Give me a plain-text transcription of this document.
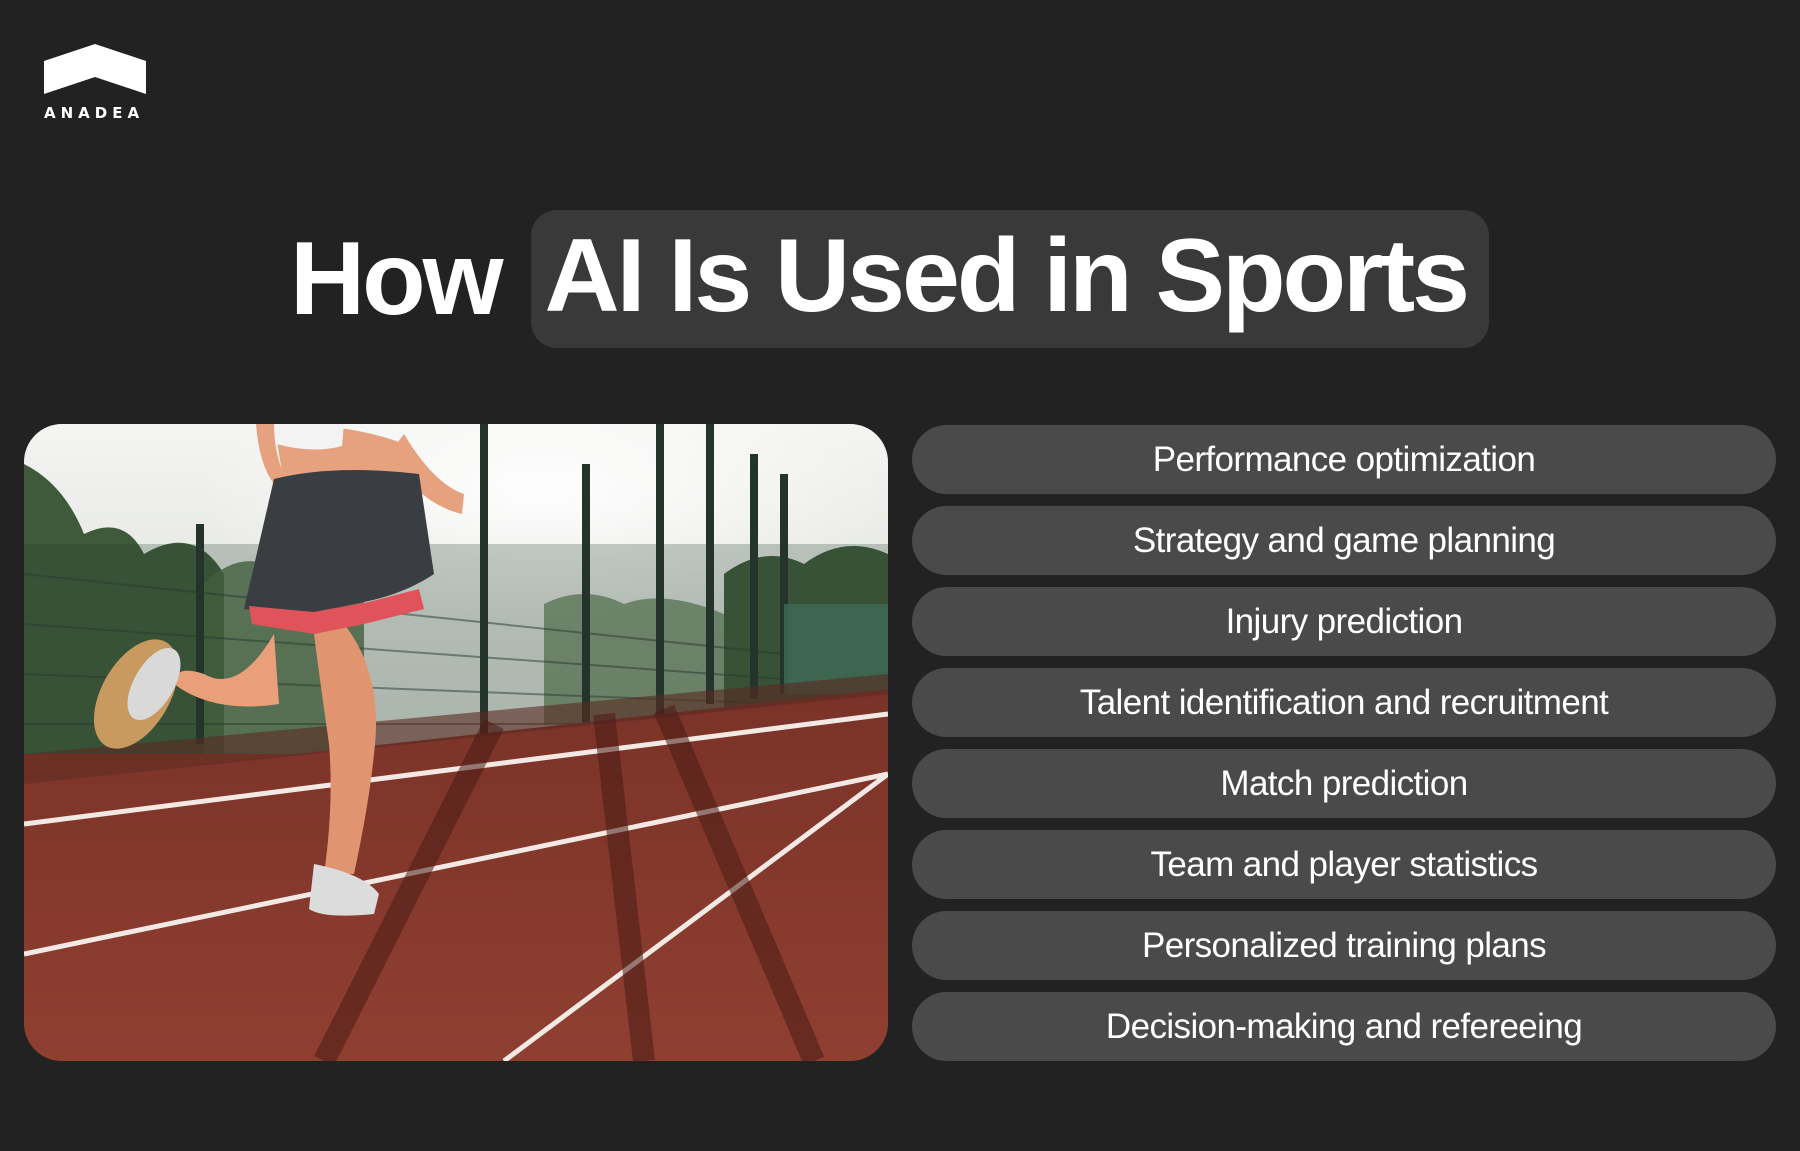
ANADEA
How AI Is Used in Sports
Performance optimization
Strategy and game planning
Injury prediction
Talent identification and recruitment
Match prediction
Team and player statistics
Personalized training plans
Decision-making and refereeing
